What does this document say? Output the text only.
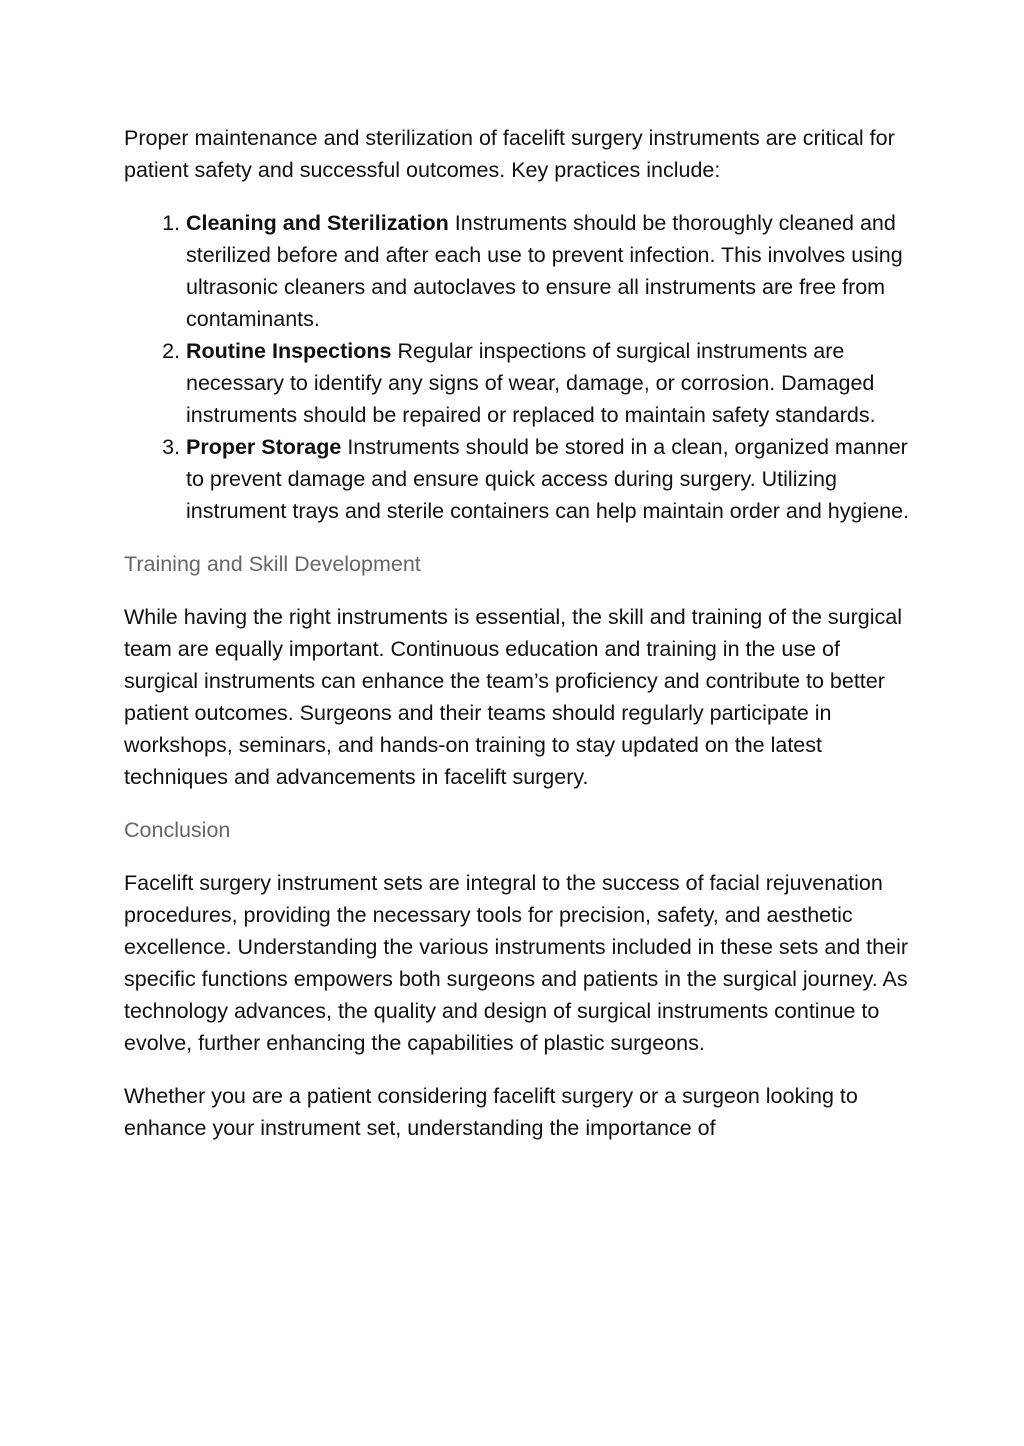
Proper maintenance and sterilization of facelift surgery instruments are critical for patient safety and successful outcomes. Key practices include:

1. Cleaning and Sterilization Instruments should be thoroughly cleaned and sterilized before and after each use to prevent infection. This involves using ultrasonic cleaners and autoclaves to ensure all instruments are free from contaminants.
2. Routine Inspections Regular inspections of surgical instruments are necessary to identify any signs of wear, damage, or corrosion. Damaged instruments should be repaired or replaced to maintain safety standards.
3. Proper Storage Instruments should be stored in a clean, organized manner to prevent damage and ensure quick access during surgery. Utilizing instrument trays and sterile containers can help maintain order and hygiene.
Training and Skill Development

While having the right instruments is essential, the skill and training of the surgical team are equally important. Continuous education and training in the use of surgical instruments can enhance the team’s proficiency and contribute to better patient outcomes. Surgeons and their teams should regularly participate in workshops, seminars, and hands-on training to stay updated on the latest techniques and advancements in facelift surgery.

Conclusion

Facelift surgery instrument sets are integral to the success of facial rejuvenation procedures, providing the necessary tools for precision, safety, and aesthetic excellence. Understanding the various instruments included in these sets and their specific functions empowers both surgeons and patients in the surgical journey. As technology advances, the quality and design of surgical instruments continue to evolve, further enhancing the capabilities of plastic surgeons.

Whether you are a patient considering facelift surgery or a surgeon looking to enhance your instrument set, understanding the importance of
